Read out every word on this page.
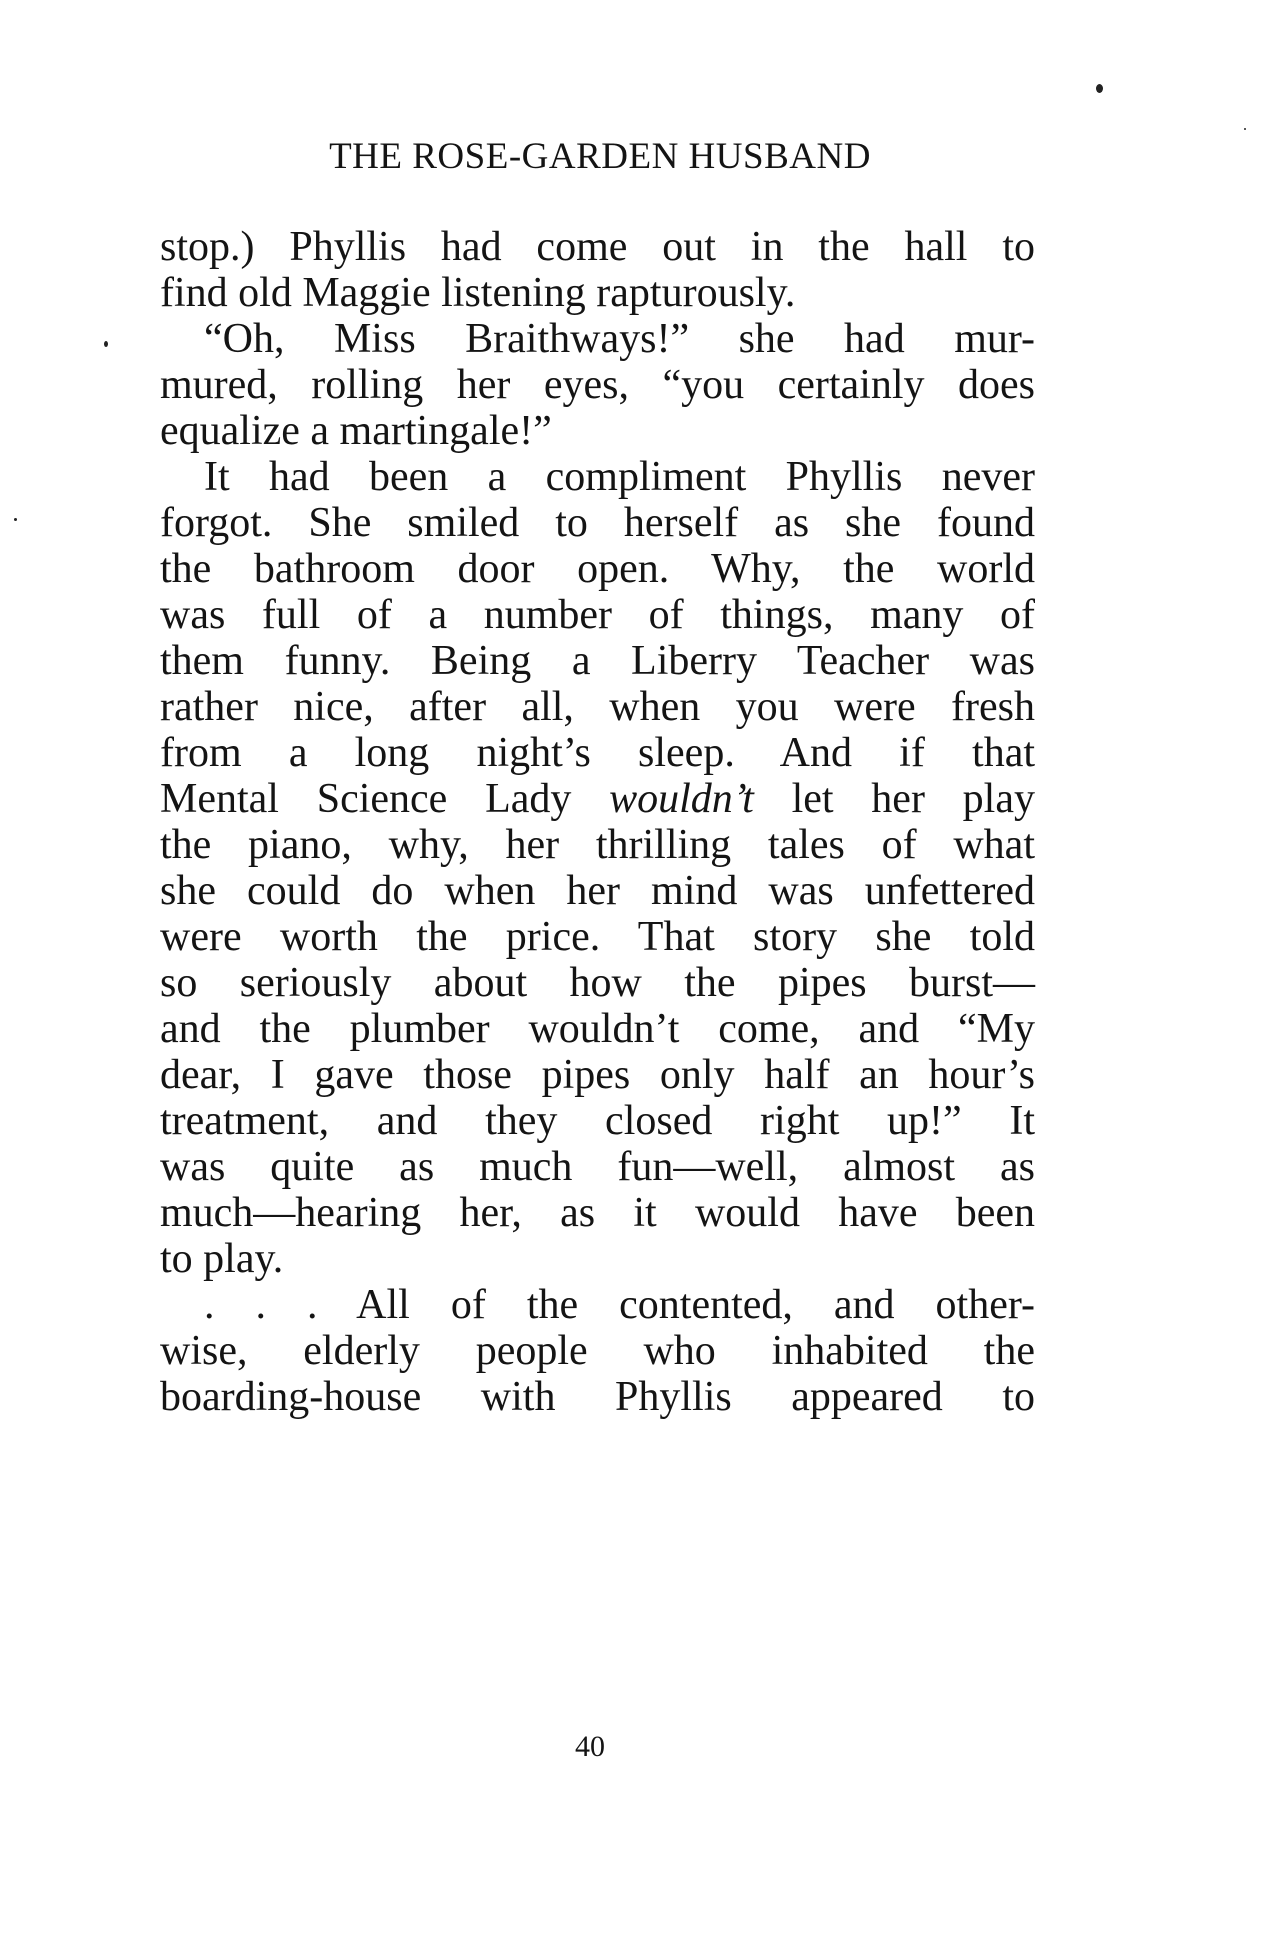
THE ROSE-GARDEN HUSBAND
stop.) Phyllis had come out in the hall to
find old Maggie listening rapturously.
“Oh, Miss Braithways!” she had mur-
mured, rolling her eyes, “you certainly does
equalize a martingale!”
It had been a compliment Phyllis never
forgot. She smiled to herself as she found
the bathroom door open. Why, the world
was full of a number of things, many of
them funny. Being a Liberry Teacher was
rather nice, after all, when you were fresh
from a long night’s sleep. And if that
Mental Science Lady wouldn’t let her play
the piano, why, her thrilling tales of what
she could do when her mind was unfettered
were worth the price. That story she told
so seriously about how the pipes burst—
and the plumber wouldn’t come, and “My
dear, I gave those pipes only half an hour’s
treatment, and they closed right up!” It
was quite as much fun—well, almost as
much—hearing her, as it would have been
to play.
. . . All of the contented, and other-
wise, elderly people who inhabited the
boarding-house with Phyllis appeared to
40
